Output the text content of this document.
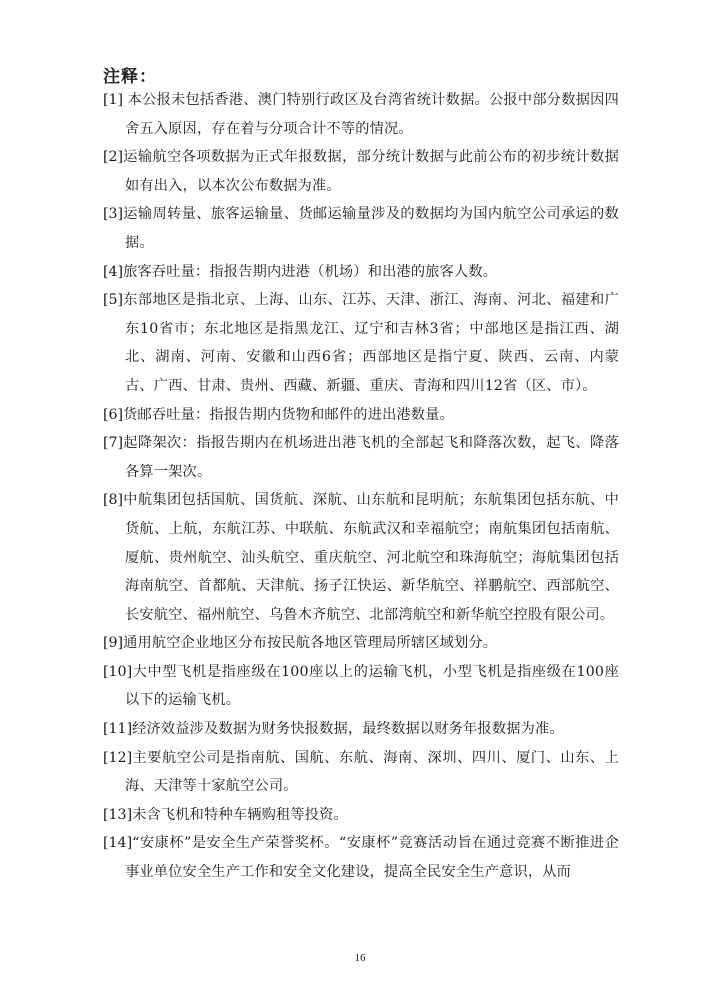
注释：
[1] 本公报未包括香港、澳门特别行政区及台湾省统计数据。公报中部分数据因四舍五入原因，存在着与分项合计不等的情况。
[2]运输航空各项数据为正式年报数据，部分统计数据与此前公布的初步统计数据如有出入，以本次公布数据为准。
[3]运输周转量、旅客运输量、货邮运输量涉及的数据均为国内航空公司承运的数据。
[4]旅客吞吐量：指报告期内进港（机场）和出港的旅客人数。
[5]东部地区是指北京、上海、山东、江苏、天津、浙江、海南、河北、福建和广东10省市；东北地区是指黑龙江、辽宁和吉林3省；中部地区是指江西、湖北、湖南、河南、安徽和山西6省；西部地区是指宁夏、陕西、云南、内蒙古、广西、甘肃、贵州、西藏、新疆、重庆、青海和四川12省（区、市）。
[6]货邮吞吐量：指报告期内货物和邮件的进出港数量。
[7]起降架次：指报告期内在机场进出港飞机的全部起飞和降落次数，起飞、降落各算一架次。
[8]中航集团包括国航、国货航、深航、山东航和昆明航；东航集团包括东航、中货航、上航，东航江苏、中联航、东航武汉和幸福航空；南航集团包括南航、厦航、贵州航空、汕头航空、重庆航空、河北航空和珠海航空；海航集团包括海南航空、首都航、天津航、扬子江快运、新华航空、祥鹏航空、西部航空、长安航空、福州航空、乌鲁木齐航空、北部湾航空和新华航空控股有限公司。
[9]通用航空企业地区分布按民航各地区管理局所辖区域划分。
[10]大中型飞机是指座级在100座以上的运输飞机，小型飞机是指座级在100座以下的运输飞机。
[11]经济效益涉及数据为财务快报数据，最终数据以财务年报数据为准。
[12]主要航空公司是指南航、国航、东航、海南、深圳、四川、厦门、山东、上海、天津等十家航空公司。
[13]未含飞机和特种车辆购租等投资。
[14]“安康杯”是安全生产荣誉奖杯。“安康杯”竞赛活动旨在通过竞赛不断推进企事业单位安全生产工作和安全文化建设，提高全民安全生产意识，从而
16
